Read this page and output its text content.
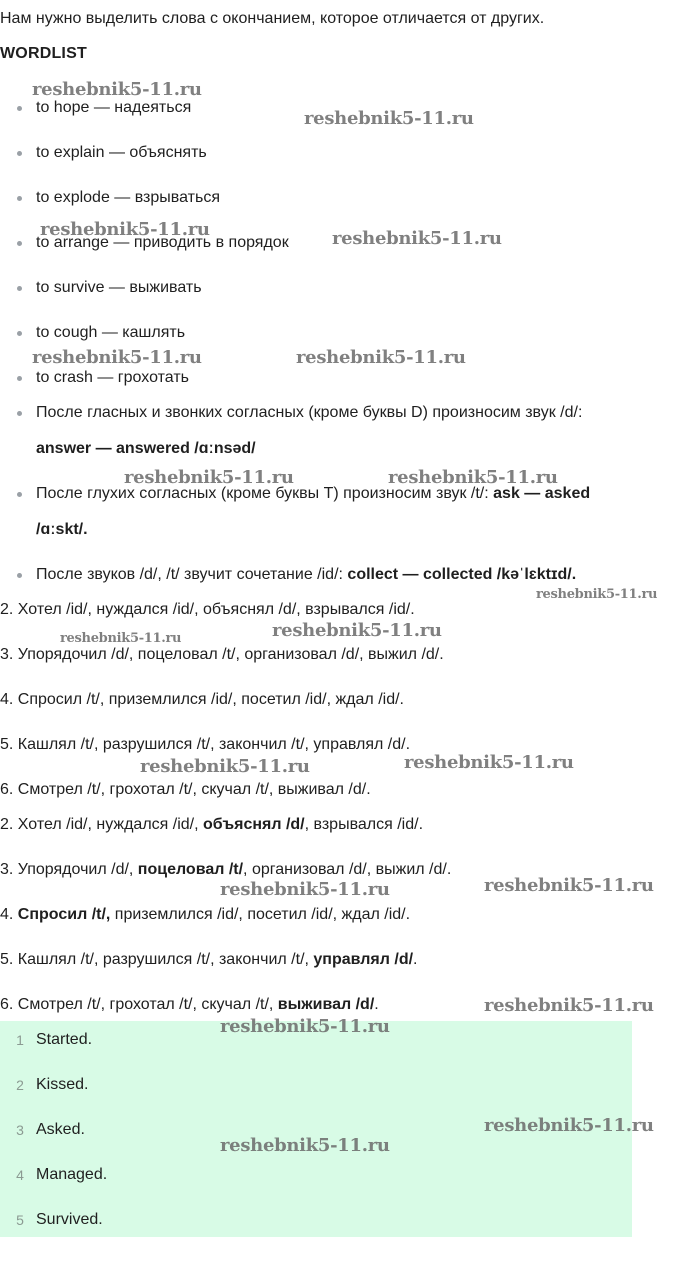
Нам нужно выделить слова с окончанием, которое отличается от других.
WORDLIST
to hope — надеяться
to explain — объяснять
to explode — взрываться
to arrange — приводить в порядок
to survive — выживать
to cough — кашлять
to crash — грохотать
После гласных и звонких согласных (кроме буквы D) произносим звук /d/:
answer — answered /ɑːnsəd/
После глухих согласных (кроме буквы T) произносим звук /t/: ask — asked
/ɑːskt/.
После звуков /d/, /t/ звучит сочетание /id/: collect — collected /kəˈlɛktɪd/.
2. Хотел /id/, нуждался /id/, объяснял /d/, взрывался /id/.
3. Упорядочил /d/, поцеловал /t/, организовал /d/, выжил /d/.
4. Спросил /t/, приземлился /id/, посетил /id/, ждал /id/.
5. Кашлял /t/, разрушился /t/, закончил /t/, управлял /d/.
6. Смотрел /t/, грохотал /t/, скучал /t/, выживал /d/.
2. Хотел /id/, нуждался /id/, объяснял /d/, взрывался /id/.
3. Упорядочил /d/, поцеловал /t/, организовал /d/, выжил /d/.
4. Спросил /t/, приземлился /id/, посетил /id/, ждал /id/.
5. Кашлял /t/, разрушился /t/, закончил /t/, управлял /d/.
6. Смотрел /t/, грохотал /t/, скучал /t/, выживал /d/.
1 Started.
2 Kissed.
3 Asked.
4 Managed.
5 Survived.
reshebnik5-11.ru
reshebnik5-11.ru
reshebnik5-11.ru	reshebnik5-11.ru
reshebnik5-11.ru	reshebnik5-11.ru
reshebnik5-11.ru	reshebnik5-11.ru
reshebnik5-11.ru
reshebnik5-11.ru	reshebnik5-11.ru
reshebnik5-11.ru	reshebnik5-11.ru
reshebnik5-11.ru	reshebnik5-11.ru
reshebnik5-11.ru
reshebnik5-11.ru
reshebnik5-11.ru
reshebnik5-11.ru
